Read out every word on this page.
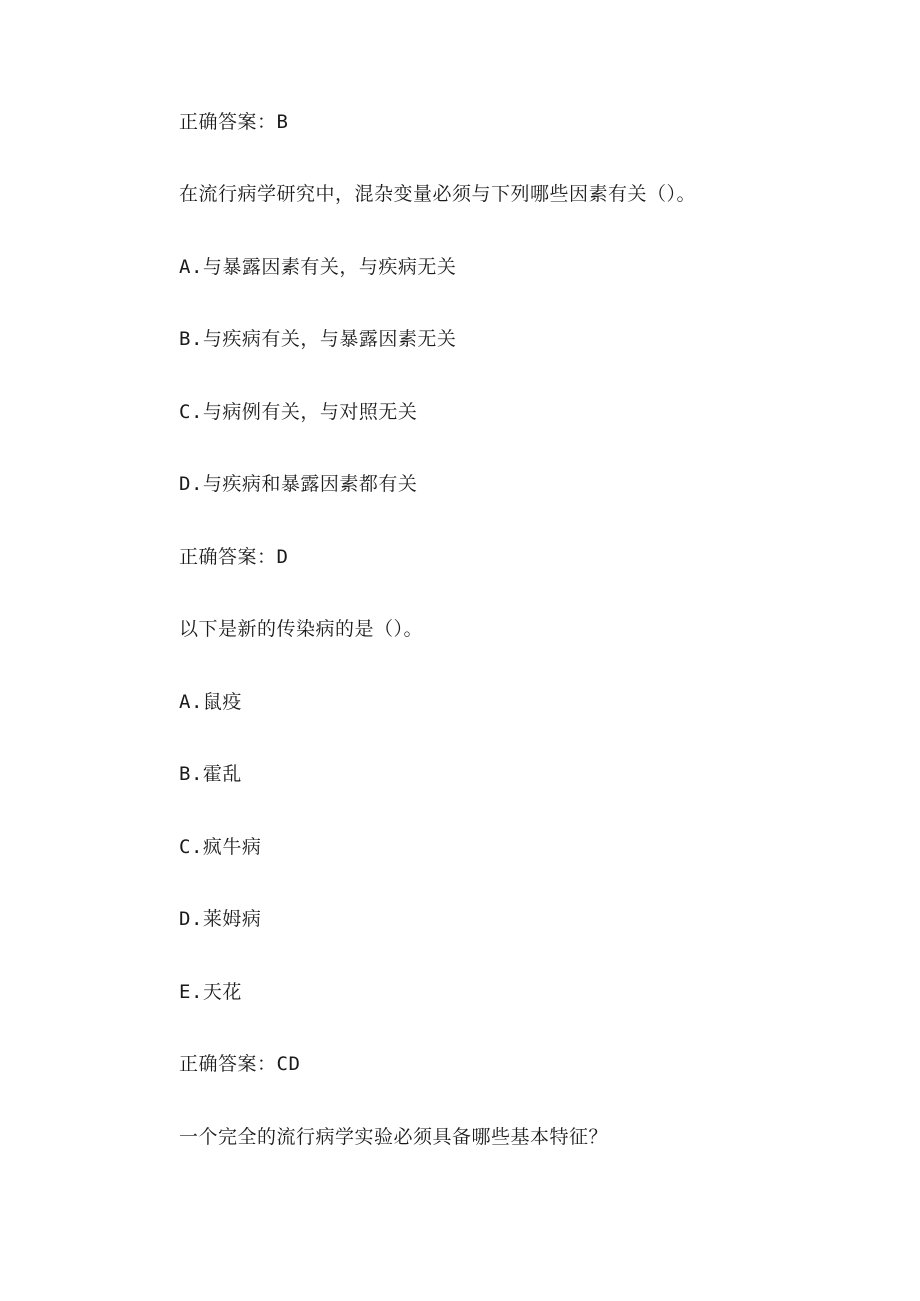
正确答案：B
在流行病学研究中，混杂变量必须与下列哪些因素有关（）。
A.与暴露因素有关，与疾病无关
B.与疾病有关，与暴露因素无关
C.与病例有关，与对照无关
D.与疾病和暴露因素都有关
正确答案：D
以下是新的传染病的是（）。
A.鼠疫
B.霍乱
C.疯牛病
D.莱姆病
E.天花
正确答案：CD
一个完全的流行病学实验必须具备哪些基本特征？
